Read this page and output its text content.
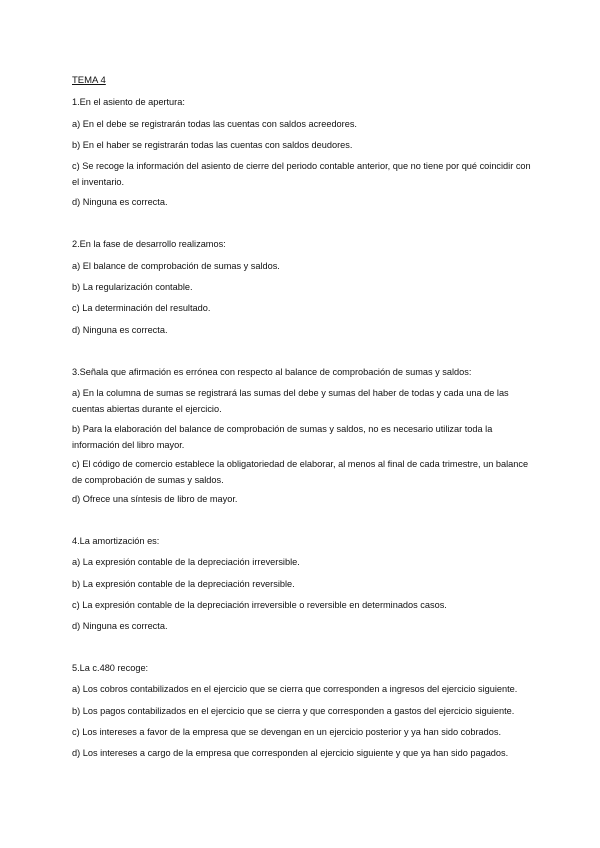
TEMA 4
1.En el asiento de apertura:
a) En el debe se registrarán todas las cuentas con saldos acreedores.
b) En el haber se registrarán todas las cuentas con saldos deudores.
c) Se recoge la información del asiento de cierre del periodo contable anterior, que no tiene por qué coincidir con el inventario.
d) Ninguna es correcta.
2.En la fase de desarrollo realizamos:
a) El balance de comprobación de sumas y saldos.
b) La regularización contable.
c) La determinación del resultado.
d) Ninguna es correcta.
3.Señala que afirmación es errónea con respecto al balance de comprobación de sumas y saldos:
a) En la columna de sumas se registrará las sumas del debe y sumas del haber de todas y cada una de las cuentas abiertas durante el ejercicio.
b) Para la elaboración del balance de comprobación de sumas y saldos, no es necesario utilizar toda la información del libro mayor.
c) El código de comercio establece la obligatoriedad de elaborar, al menos al final de cada trimestre, un balance de comprobación de sumas y saldos.
d) Ofrece una síntesis de libro de mayor.
4.La amortización es:
a) La expresión contable de la depreciación irreversible.
b) La expresión contable de la depreciación reversible.
c) La expresión contable de la depreciación irreversible o reversible en determinados casos.
d) Ninguna es correcta.
5.La c.480 recoge:
a) Los cobros contabilizados en el ejercicio que se cierra que corresponden a ingresos del ejercicio siguiente.
b) Los pagos contabilizados en el ejercicio que se cierra y que corresponden a gastos del ejercicio siguiente.
c) Los intereses a favor de la empresa que se devengan en un ejercicio posterior y ya han sido cobrados.
d) Los intereses a cargo de la empresa que corresponden al ejercicio siguiente y que ya han sido pagados.
